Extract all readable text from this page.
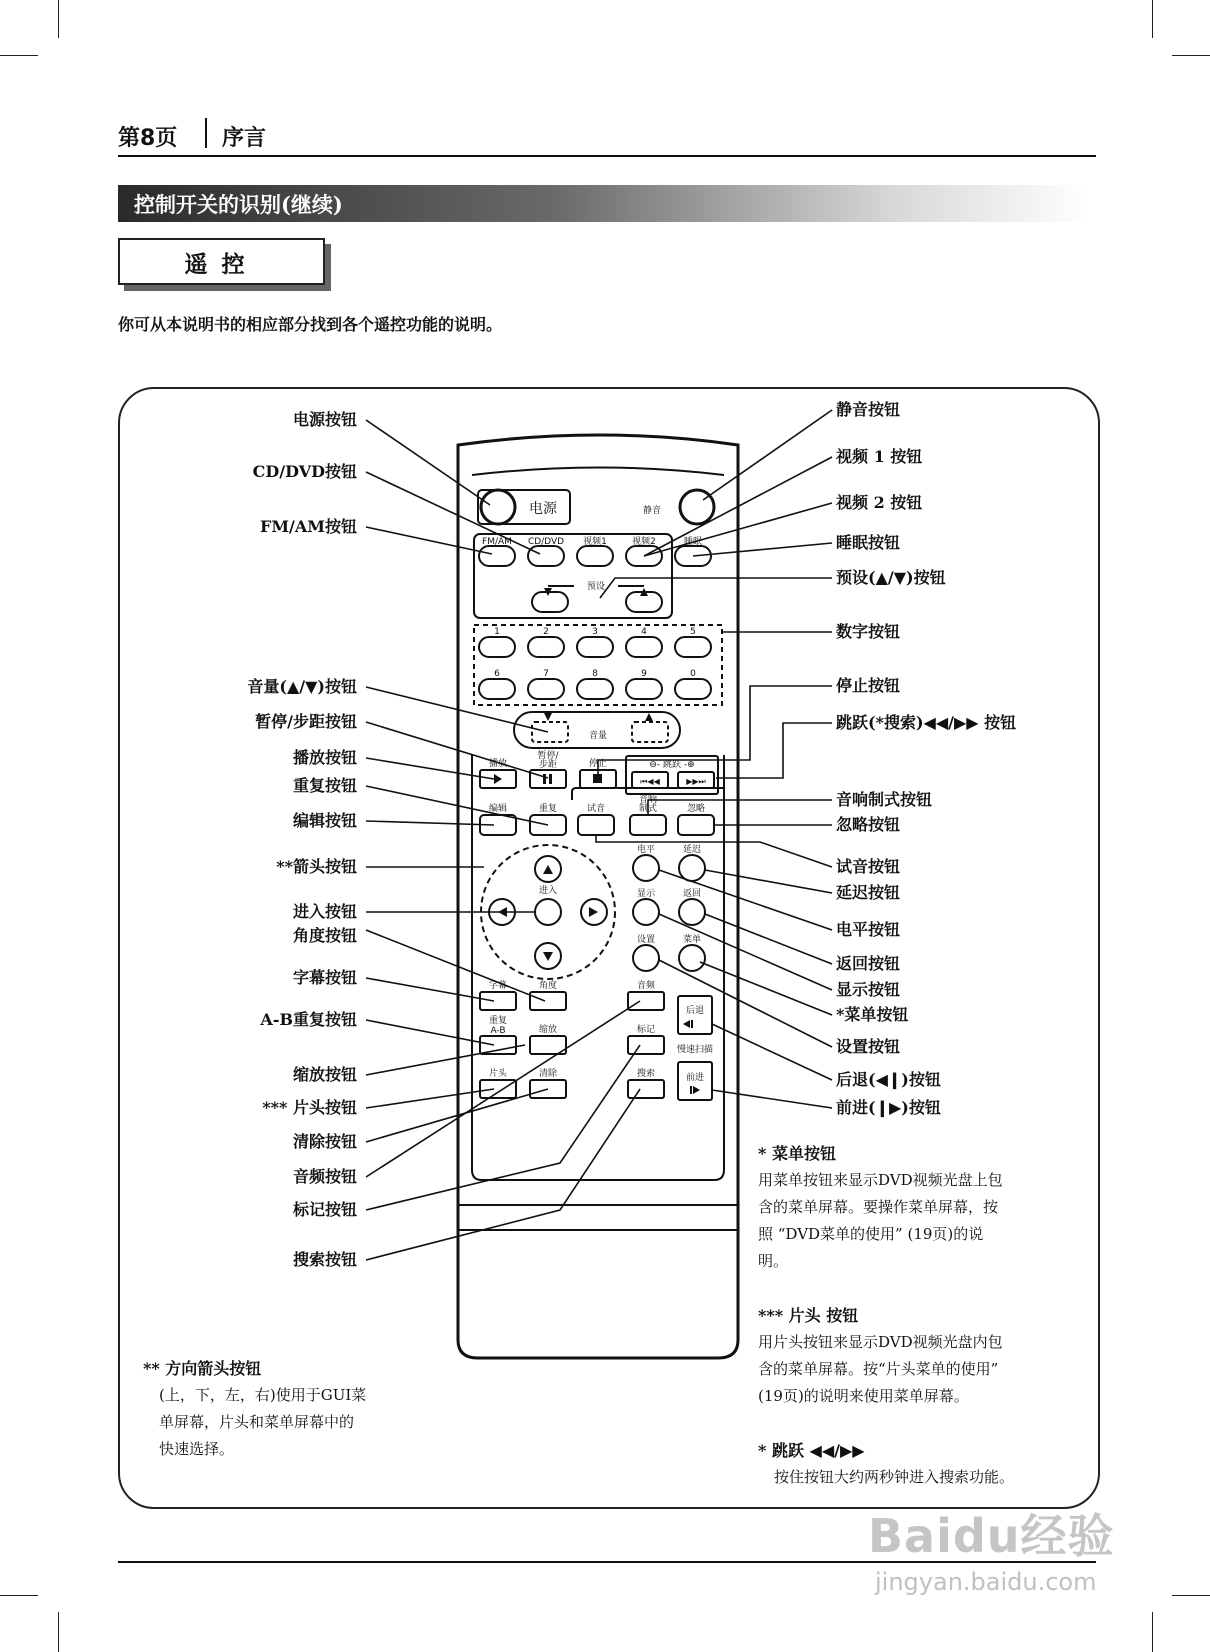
第8页 序言
控制开关的识别(继续)
遥控
你可从本说明书的相应部分找到各个遥控功能的说明。
电源	静音
FM/AM CD/DVD 视频1	视频2	睡眠
预设
1	2	3	4	5
6	7	8	9	0
音量
播放
暂停/
步距	停止	⊖- 跳跃 -⊕
⏮◀◀	▶▶⏭
编辑	重复	试音
音响
制式	忽略
电平	延迟
显示	返回
设置	菜单
进入
字幕	角度
重复
A-B	缩放
片头	清除
音频
标记
搜索
后退
慢速扫描
前进
电源按钮
CD/DVD按钮
FM/AM按钮
音量(▲/▼)按钮
暂停/步距按钮
播放按钮
重复按钮
编辑按钮
**箭头按钮
进入按钮
角度按钮
字幕按钮
A-B重复按钮
缩放按钮
*** 片头按钮
清除按钮
音频按钮
标记按钮
搜索按钮
静音按钮
视频 1 按钮
视频 2 按钮
睡眠按钮
预设(▲/▼)按钮
数字按钮
停止按钮
跳跃(*搜索)◀◀/▶▶ 按钮
音响制式按钮
忽略按钮
试音按钮
延迟按钮
电平按钮
返回按钮
显示按钮
*菜单按钮
设置按钮
后退(◀❙)按钮
前进(❙▶)按钮
* 菜单按钮
用菜单按钮来显示DVD视频光盘上包
含的菜单屏幕。要操作菜单屏幕，按
照 “DVD菜单的使用” (19页)的说
明。
*** 片头 按钮
用片头按钮来显示DVD视频光盘内包
含的菜单屏幕。按“片头菜单的使用”
(19页)的说明来使用菜单屏幕。
* 跳跃 ◀◀/▶▶
按住按钮大约两秒钟进入搜索功能。
** 方向箭头按钮
(上，下，左，右)使用于GUI菜
单屏幕，片头和菜单屏幕中的
快速选择。
Baidu经验
jingyan.baidu.com
